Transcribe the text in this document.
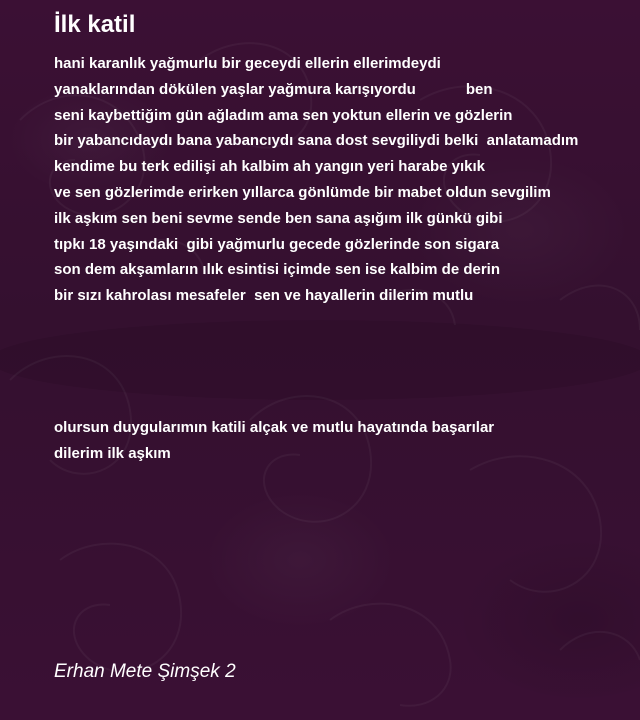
İlk katil

hani karanlık yağmurlu bir geceydi ellerin ellerimdeydi
yanaklarından dökülen yaşlar yağmura karışıyordu            ben
seni kaybettiğim gün ağladım ama sen yoktun ellerin ve gözlerin
bir yabancıdaydı bana yabancıydı sana dost sevgiliydi belki  anlatamadım
kendime bu terk edilişi ah kalbim ah yangın yeri harabe yıkık
ve sen gözlerimde erirken yıllarca gönlümde bir mabet oldun sevgilim
ilk aşkım sen beni sevme sende ben sana aşığım ilk günkü gibi
tıpkı 18 yaşındaki  gibi yağmurlu gecede gözlerinde son sigara
son dem akşamların ılık esintisi içimde sen ise kalbim de derin
bir sızı kahrolası mesafeler  sen ve hayallerin dilerim mutlu

olursun duygularımın katili alçak ve mutlu hayatında başarılar
dilerim ilk aşkım

Erhan Mete Şimşek 2
